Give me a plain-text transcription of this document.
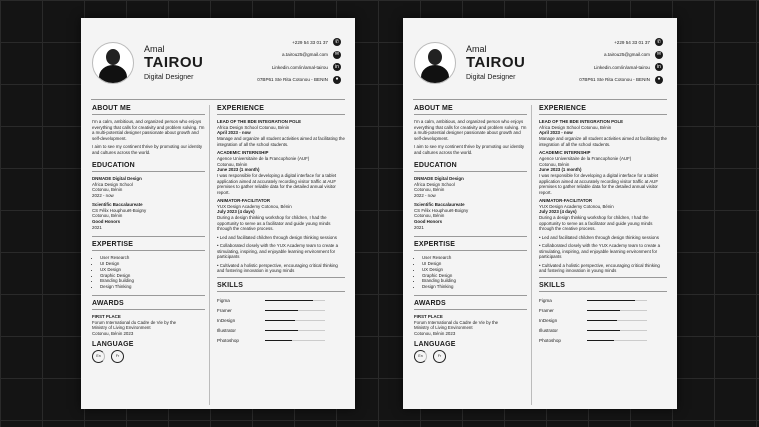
Amal
TAIROU
Digital Designer
+229 54 33 01 37	✆
a.tairou25@gmail.com	✉
Linkedin.com/in/amal-tairou	in
07BP61 Ste Rita Cotonou - BENIN	●
ABOUT ME

I'm a calm, ambitious, and organized person who enjoys everything that calls for creativity and problem solving. I'm a multi-potential designer passionate about growth and self-development.

I aim to see my continent thrive by promoting our identity and cultures across the world.

EDUCATION
DNMADE Digital Design
Africa Design School
Cotonou, Bénin
2022 - now
Scientific Baccalaureate
CS Félix Houphouët-Boigny
Cotonou, Bénin
Good Honors
2021
EXPERTISE
• User Research
• UI Design
• UX Design
• Graphic Design
• Branding building
• Design Thinking
AWARDS
FIRST PLACE
Forum International du Cadre de Vie by the
Ministry of Living Environment
Cotonou, Bénin 2023
LANGUAGE
En	Fr
EXPERIENCE
LEAD OF THE BDE INTEGRATION POLE
Africa Design School Cotonou, Bénin
April 2023 - now

Manage and organize all student activities aimed at facilitating the integration of all the school students.

ACADEMIC INTERNSHIP
Agence Universitaire de la Francophonie (AUF)
Cotonou, Bénin
June 2023 (1 month)

I was responsible for developing a digital interface for a tablet application aimed at accurately recording visitor traffic at AUF premises to gather reliable data for the detailed annual visitor report.

ANIMATOR-FACILITATOR
YUX Design Academy Cotonou, Bénin
July 2023 (4 days)

During a design thinking workshop for children, I had the opportunity to serve as a facilitator and guide young minds through the creative process.

• Led and facilitated children through design thinking sessions

• Collaborated closely with the YUX Academy team to create a stimulating, inspiring, and enjoyable learning environment for participants

• Cultivated a holistic perspective, encouraging critical thinking and fostering innovation in young minds

SKILLS
Figma
Framer
InDesign
Illustrator
Photoshop
Amal
TAIROU
Digital Designer
+229 54 33 01 37	✆
a.tairou25@gmail.com	✉
Linkedin.com/in/amal-tairou	in
07BP61 Ste Rita Cotonou - BENIN	●
ABOUT ME

I'm a calm, ambitious, and organized person who enjoys everything that calls for creativity and problem solving. I'm a multi-potential designer passionate about growth and self-development.

I aim to see my continent thrive by promoting our identity and cultures across the world.

EDUCATION
DNMADE Digital Design
Africa Design School
Cotonou, Bénin
2022 - now
Scientific Baccalaureate
CS Félix Houphouët-Boigny
Cotonou, Bénin
Good Honors
2021
EXPERTISE
• User Research
• UI Design
• UX Design
• Graphic Design
• Branding building
• Design Thinking
AWARDS
FIRST PLACE
Forum International du Cadre de Vie by the
Ministry of Living Environment
Cotonou, Bénin 2023
LANGUAGE
En	Fr
EXPERIENCE
LEAD OF THE BDE INTEGRATION POLE
Africa Design School Cotonou, Bénin
April 2023 - now

Manage and organize all student activities aimed at facilitating the integration of all the school students.

ACADEMIC INTERNSHIP
Agence Universitaire de la Francophonie (AUF)
Cotonou, Bénin
June 2023 (1 month)

I was responsible for developing a digital interface for a tablet application aimed at accurately recording visitor traffic at AUF premises to gather reliable data for the detailed annual visitor report.

ANIMATOR-FACILITATOR
YUX Design Academy Cotonou, Bénin
July 2023 (4 days)

During a design thinking workshop for children, I had the opportunity to serve as a facilitator and guide young minds through the creative process.

• Led and facilitated children through design thinking sessions

• Collaborated closely with the YUX Academy team to create a stimulating, inspiring, and enjoyable learning environment for participants

• Cultivated a holistic perspective, encouraging critical thinking and fostering innovation in young minds

SKILLS
Figma
Framer
InDesign
Illustrator
Photoshop
